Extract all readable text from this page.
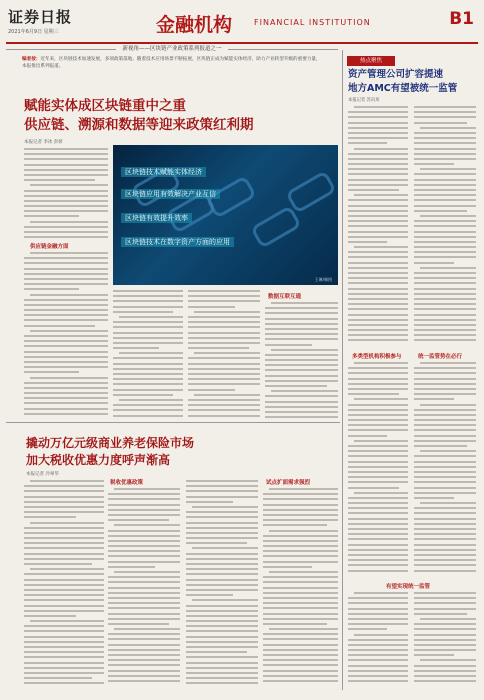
证券日报
2021年6月9日 星期三	金融机构	FINANCIAL INSTITUTION	B1
新视角——区块链产业政策系列报道之一
编者按：近年来，区块链技术加速发展，多项政策落地。随着技术应用场景不断拓展，区块链正成为赋能实体经济、助力产业转型升级的重要力量，本报推出系列报道。
赋能实体成区块链重中之重
供应链、溯源和数据等迎来政策红利期
本报记者 李冰 彭妍
供应链金融方面
区块链技术赋能实体经济
区块链应用有效解决产业互信
区块链有效提升效率
区块链技术在数字资产方面的应用
王琳/制图
数据互联互通
撬动万亿元级商业养老保险市场
加大税收优惠力度呼声渐高
本报记者 冷翠华
税收优惠政策	试点扩面需求强烈
热点聚焦
资产管理公司扩容提速
地方AMC有望被统一监管
本报记者 苏向杲
多类型机构积极参与	统一监管势在必行
有望实现统一监管
